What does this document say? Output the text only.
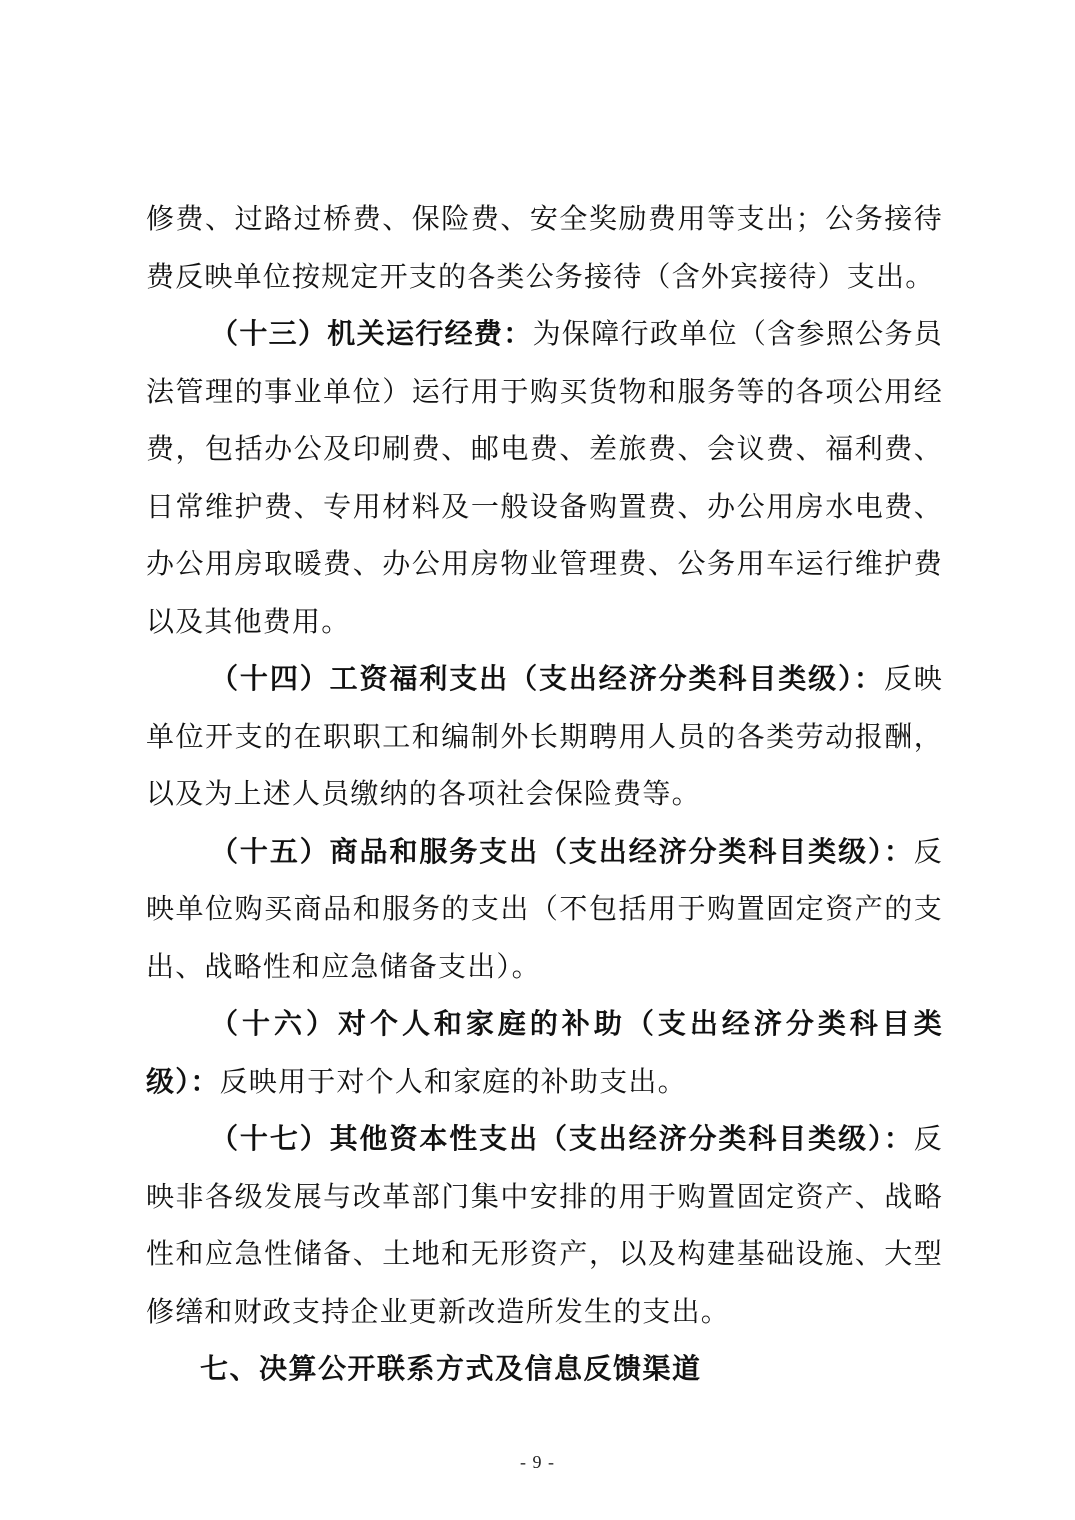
修费、过路过桥费、保险费、安全奖励费用等支出；公务接待费反映单位按规定开支的各类公务接待（含外宾接待）支出。

（十三）机关运行经费：为保障行政单位（含参照公务员法管理的事业单位）运行用于购买货物和服务等的各项公用经费，包括办公及印刷费、邮电费、差旅费、会议费、福利费、日常维护费、专用材料及一般设备购置费、办公用房水电费、办公用房取暖费、办公用房物业管理费、公务用车运行维护费以及其他费用。

（十四）工资福利支出（支出经济分类科目类级）：反映单位开支的在职职工和编制外长期聘用人员的各类劳动报酬，以及为上述人员缴纳的各项社会保险费等。

（十五）商品和服务支出（支出经济分类科目类级）：反映单位购买商品和服务的支出（不包括用于购置固定资产的支出、战略性和应急储备支出）。

（十六）对个人和家庭的补助（支出经济分类科目类级）：反映用于对个人和家庭的补助支出。

（十七）其他资本性支出（支出经济分类科目类级）：反映非各级发展与改革部门集中安排的用于购置固定资产、战略性和应急性储备、土地和无形资产，以及构建基础设施、大型修缮和财政支持企业更新改造所发生的支出。

七、决算公开联系方式及信息反馈渠道

- 9 -
